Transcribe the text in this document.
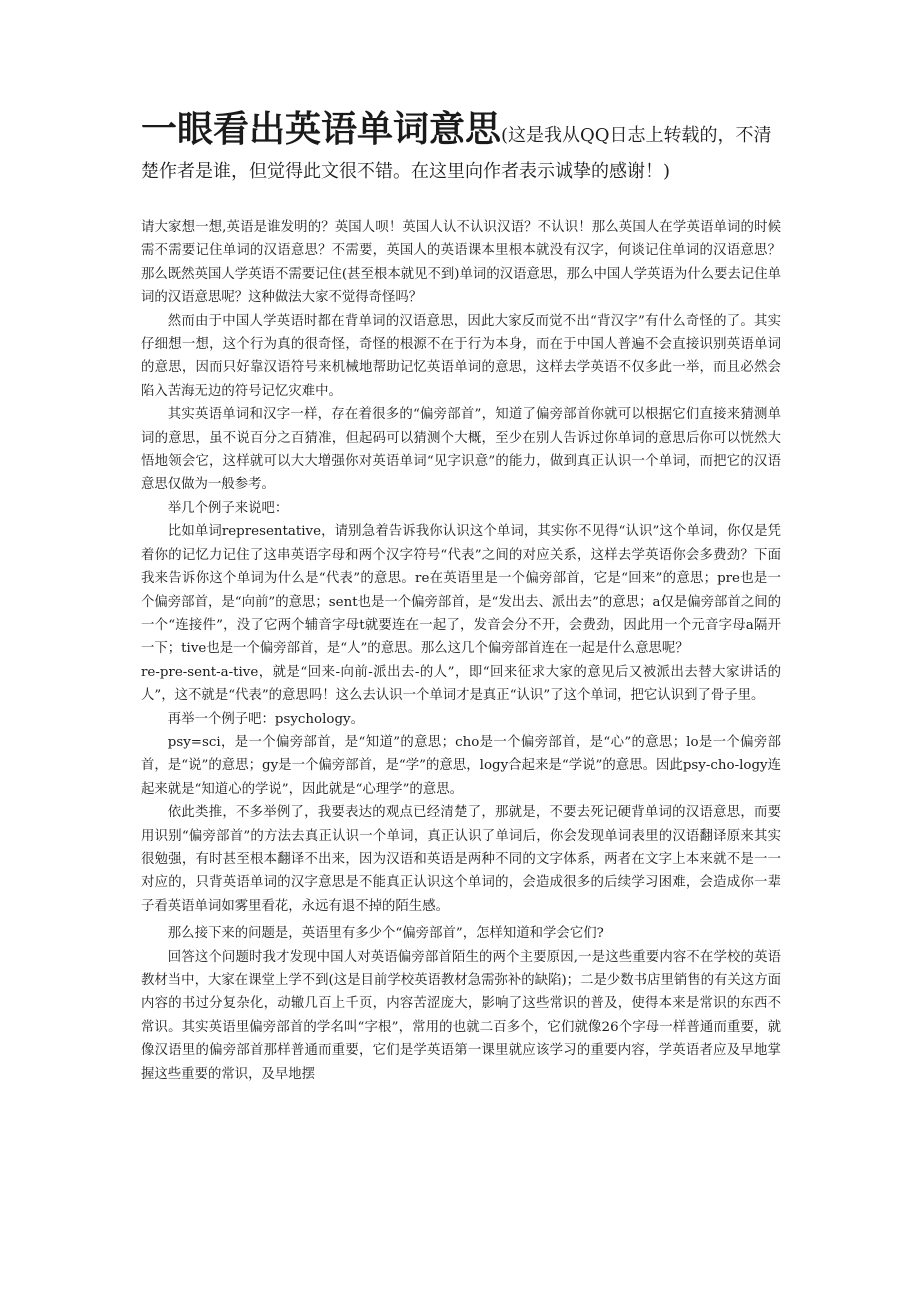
一眼看出英语单词意思(这是我从QQ日志上转载的，不清楚作者是谁，但觉得此文很不错。在这里向作者表示诚挚的感谢！)

请大家想一想,英语是谁发明的？英国人呗！英国人认不认识汉语？不认识！那么英国人在学英语单词的时候需不需要记住单词的汉语意思？不需要，英国人的英语课本里根本就没有汉字，何谈记住单词的汉语意思？那么既然英国人学英语不需要记住(甚至根本就见不到)单词的汉语意思，那么中国人学英语为什么要去记住单词的汉语意思呢？这种做法大家不觉得奇怪吗？

然而由于中国人学英语时都在背单词的汉语意思，因此大家反而觉不出“背汉字”有什么奇怪的了。其实仔细想一想，这个行为真的很奇怪，奇怪的根源不在于行为本身，而在于中国人普遍不会直接识别英语单词的意思，因而只好靠汉语符号来机械地帮助记忆英语单词的意思，这样去学英语不仅多此一举，而且必然会陷入苦海无边的符号记忆灾难中。

其实英语单词和汉字一样，存在着很多的“偏旁部首”，知道了偏旁部首你就可以根据它们直接来猜测单词的意思，虽不说百分之百猜准，但起码可以猜测个大概，至少在别人告诉过你单词的意思后你可以恍然大悟地领会它，这样就可以大大增强你对英语单词“见字识意”的能力，做到真正认识一个单词，而把它的汉语意思仅做为一般参考。

举几个例子来说吧：

比如单词representative，请别急着告诉我你认识这个单词，其实你不见得“认识”这个单词，你仅是凭着你的记忆力记住了这串英语字母和两个汉字符号“代表”之间的对应关系，这样去学英语你会多费劲？下面我来告诉你这个单词为什么是“代表”的意思。re在英语里是一个偏旁部首，它是“回来”的意思；pre也是一个偏旁部首，是“向前”的意思；sent也是一个偏旁部首，是“发出去、派出去”的意思；a仅是偏旁部首之间的一个“连接件”，没了它两个辅音字母t就要连在一起了，发音会分不开，会费劲，因此用一个元音字母a隔开一下；tive也是一个偏旁部首，是“人”的意思。那么这几个偏旁部首连在一起是什么意思呢？

re-pre-sent-a-tive，就是“回来-向前-派出去-的人”，即“回来征求大家的意见后又被派出去替大家讲话的人”，这不就是“代表”的意思吗！这么去认识一个单词才是真正“认识”了这个单词，把它认识到了骨子里。

再举一个例子吧：psychology。

psy=sci，是一个偏旁部首，是“知道”的意思；cho是一个偏旁部首，是“心”的意思；lo是一个偏旁部首，是“说”的意思；gy是一个偏旁部首，是“学”的意思，logy合起来是“学说”的意思。因此psy-cho-logy连起来就是“知道心的学说”，因此就是“心理学”的意思。

依此类推，不多举例了，我要表达的观点已经清楚了，那就是，不要去死记硬背单词的汉语意思，而要用识别“偏旁部首”的方法去真正认识一个单词，真正认识了单词后，你会发现单词表里的汉语翻译原来其实很勉强，有时甚至根本翻译不出来，因为汉语和英语是两种不同的文字体系，两者在文字上本来就不是一一对应的，只背英语单词的汉字意思是不能真正认识这个单词的，会造成很多的后续学习困难，会造成你一辈子看英语单词如雾里看花，永远有退不掉的陌生感。

那么接下来的问题是，英语里有多少个“偏旁部首”，怎样知道和学会它们?

回答这个问题时我才发现中国人对英语偏旁部首陌生的两个主要原因,一是这些重要内容不在学校的英语教材当中，大家在课堂上学不到(这是目前学校英语教材急需弥补的缺陷)；二是少数书店里销售的有关这方面内容的书过分复杂化，动辙几百上千页，内容苦涩庞大，影响了这些常识的普及，使得本来是常识的东西不常识。其实英语里偏旁部首的学名叫“字根”，常用的也就二百多个，它们就像26个字母一样普通而重要，就像汉语里的偏旁部首那样普通而重要，它们是学英语第一课里就应该学习的重要内容，学英语者应及早地掌握这些重要的常识，及早地摆
